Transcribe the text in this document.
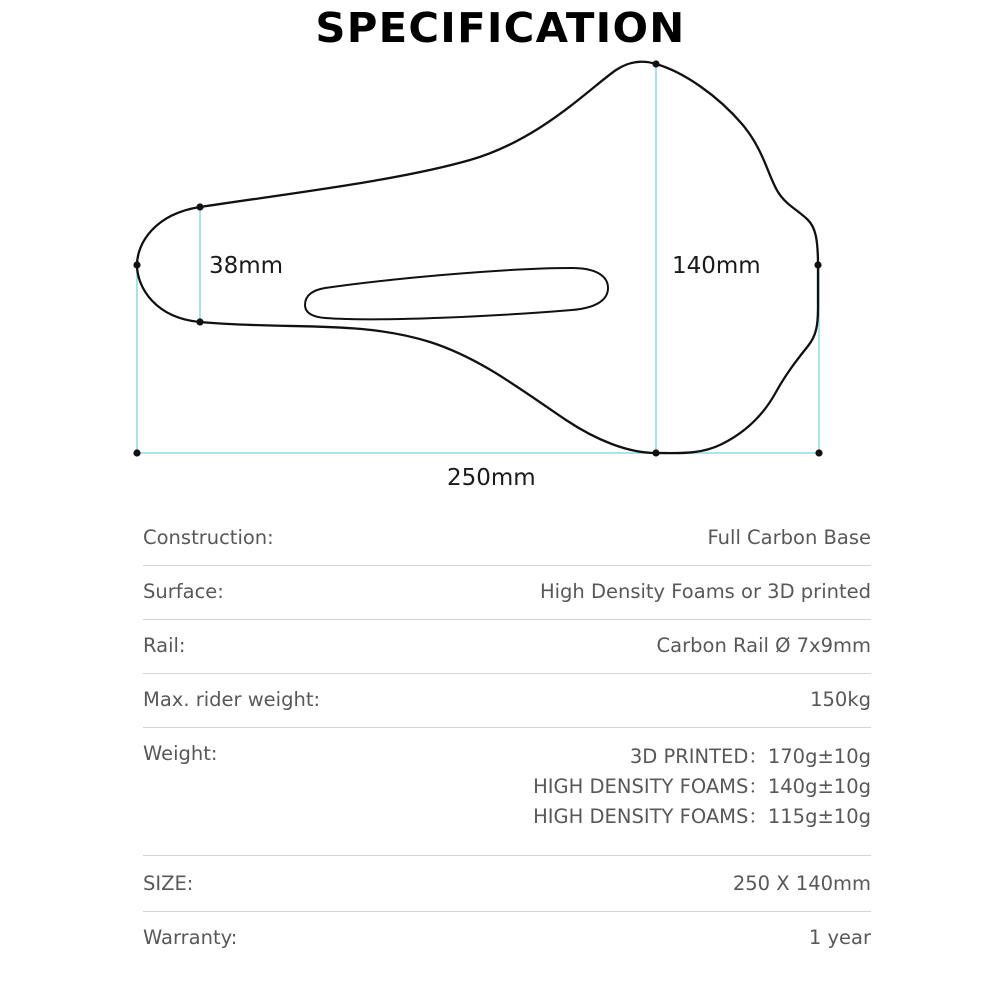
SPECIFICATION
38mm	140mm
250mm
Construction:	Full Carbon Base
Surface:	High Density Foams or 3D printed
Rail:	Carbon Rail Ø 7x9mm
Max. rider weight:	150kg
Weight:	3D PRINTED：170g±10g
HIGH DENSITY FOAMS：140g±10g
HIGH DENSITY FOAMS：115g±10g
SIZE:	250 X 140mm
Warranty:	1 year
